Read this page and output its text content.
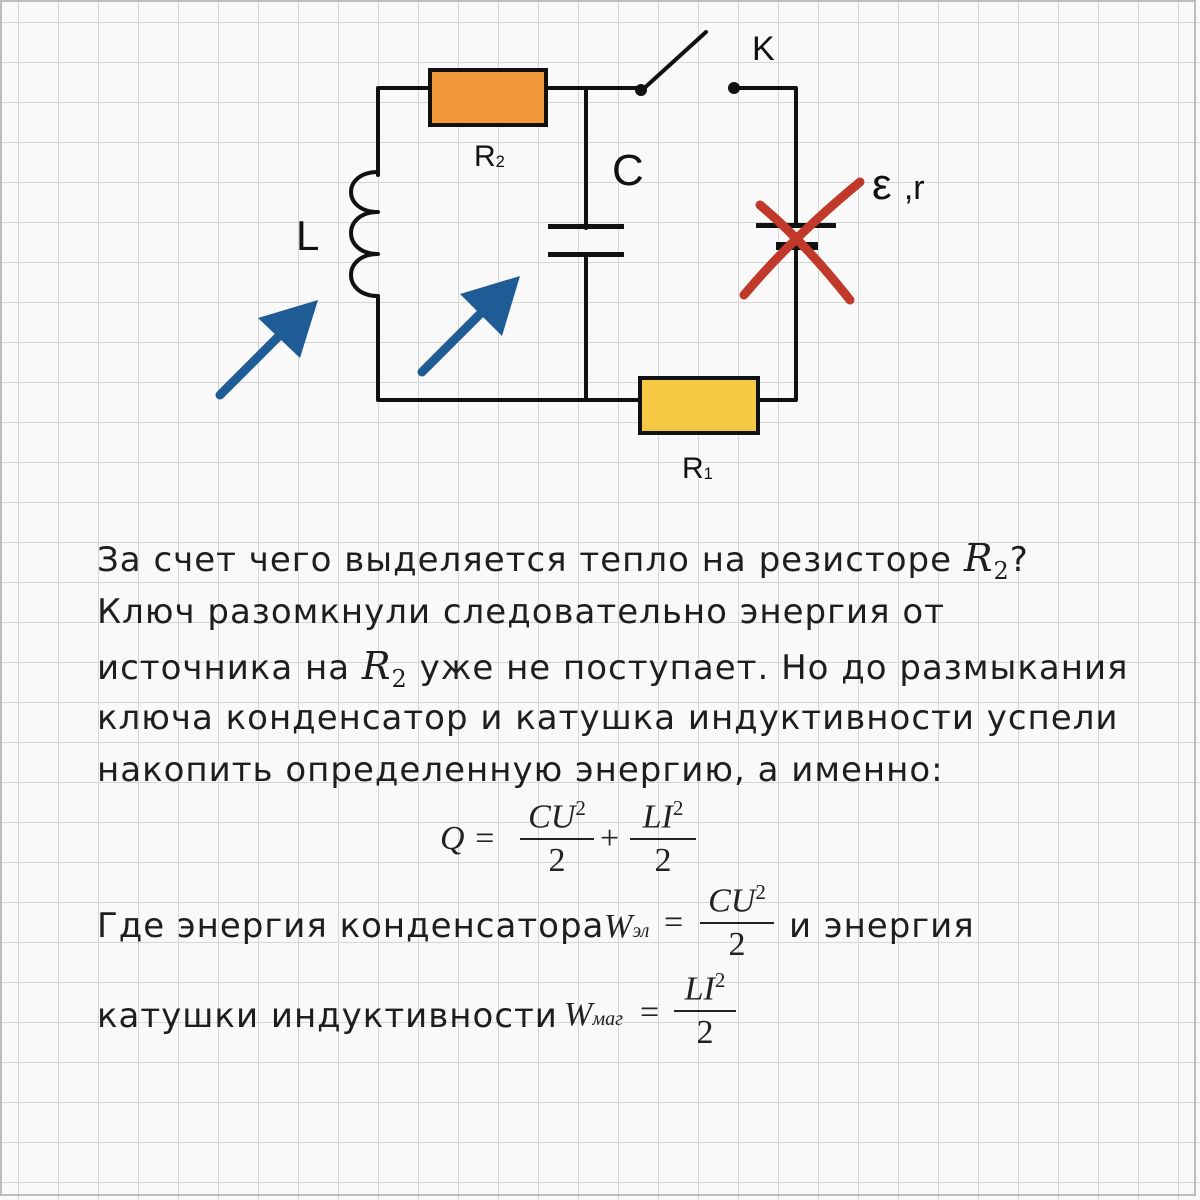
R2 C
K
L
ε ,r
R1
За счет чего выделяется тепло на резисторе $R_2$?
Ключ разомкнули следовательно энергия от
источника на $R_2$ уже не поступает. Но до размыкания
ключа конденсатор и катушка индуктивности успели
накопить определенную энергию, а именно:
Где энергия конденсатора	и энергия
катушки индуктивности
Q =
$CU^2$
2
+
$LI^2$
2
Wэл =
$CU^2$
2
Wмаг =
$LI^2$
2
